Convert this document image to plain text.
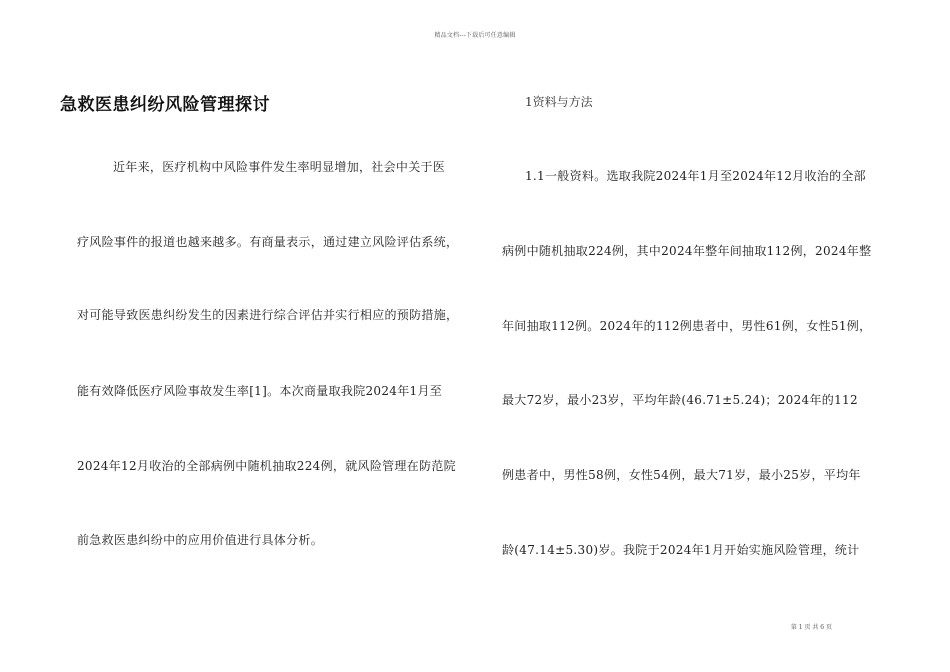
精品文档---下载后可任意编辑
急救医患纠纷风险管理探讨
近年来，医疗机构中风险事件发生率明显增加，社会中关于医
疗风险事件的报道也越来越多。有商量表示，通过建立风险评估系统，
对可能导致医患纠纷发生的因素进行综合评估并实行相应的预防措施，
能有效降低医疗风险事故发生率[1]。本次商量取我院2024年1月至
2024年12月收治的全部病例中随机抽取224例，就风险管理在防范院
前急救医患纠纷中的应用价值进行具体分析。
1资料与方法
1.1一般资料。选取我院2024年1月至2024年12月收治的全部
病例中随机抽取224例，其中2024年整年间抽取112例，2024年整
年间抽取112例。2024年的112例患者中，男性61例，女性51例，
最大72岁，最小23岁，平均年龄(46.71±5.24)；2024年的112
例患者中，男性58例，女性54例，最大71岁，最小25岁，平均年
龄(47.14±5.30)岁。我院于2024年1月开始实施风险管理，统计
第 1 页 共 6 页
